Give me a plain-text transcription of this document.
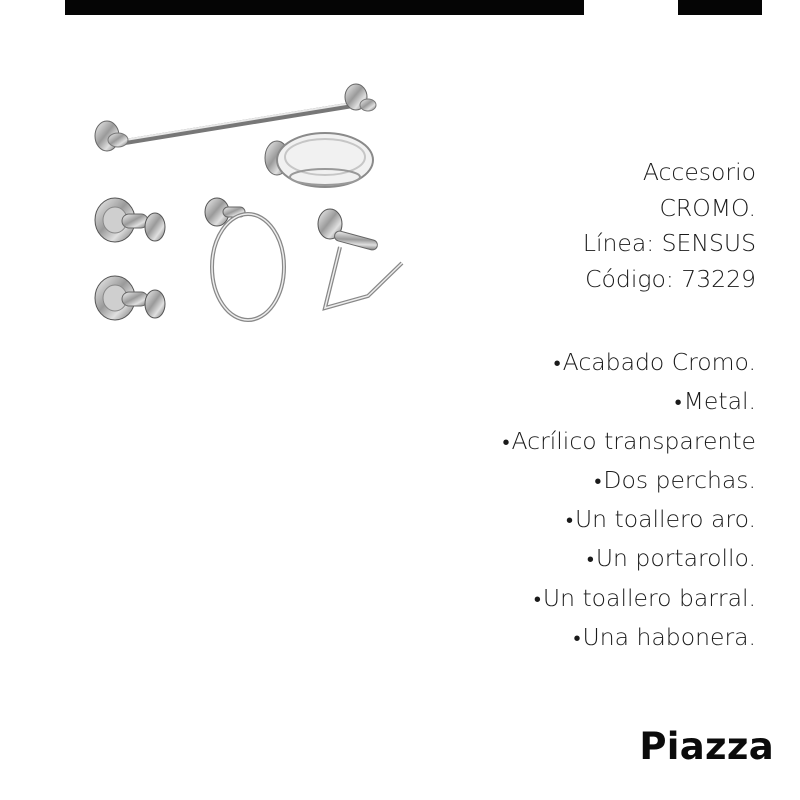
Accesorio
CROMO.
Línea: SENSUS
Código: 73229
•Acabado Cromo.
•Metal.
•Acrílico transparente
•Dos perchas.
•Un toallero aro.
•Un portarollo.
•Un toallero barral.
•Una habonera.
Piazza
